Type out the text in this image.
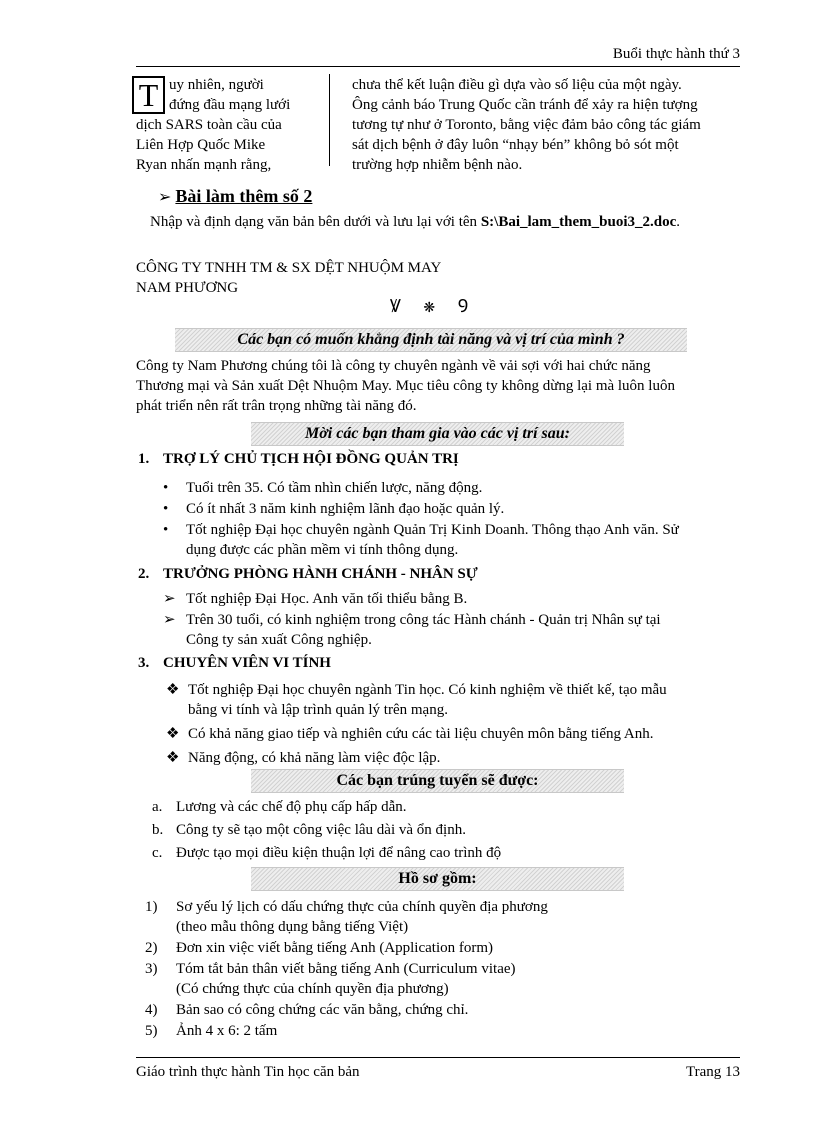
Buổi thực hành thứ 3
T uy nhiên, người
đứng đầu mạng lưới
dịch SARS toàn cầu của
Liên Hợp Quốc Mike
Ryan nhấn mạnh rằng,
chưa thể kết luận điều gì dựa vào số liệu của một ngày.
Ông cảnh báo Trung Quốc cần tránh để xảy ra hiện tượng
tương tự như ở Toronto, bằng việc đảm bảo công tác giám
sát dịch bệnh ở đây luôn “nhạy bén” không bỏ sót một
trường hợp nhiễm bệnh nào.
➢ Bài làm thêm số 2
Nhập và định dạng văn bản bên dưới và lưu lại với tên S:\Bai_lam_them_buoi3_2.doc.
CÔNG TY TNHH TM & SX DỆT NHUỘM MAY
NAM PHƯƠNG
Ꝟ ❋ Ꝯ
Các bạn có muốn khẳng định tài năng và vị trí của mình ?
Công ty Nam Phương chúng tôi là công ty chuyên ngành về vải sợi với hai chức năng
Thương mại và Sản xuất Dệt Nhuộm May. Mục tiêu công ty không dừng lại mà luôn luôn
phát triển nên rất trân trọng những tài năng đó.
Mời các bạn tham gia vào các vị trí sau:
1. TRỢ LÝ CHỦ TỊCH HỘI ĐỒNG QUẢN TRỊ
• Tuổi trên 35. Có tầm nhìn chiến lược, năng động.
• Có ít nhất 3 năm kinh nghiệm lãnh đạo hoặc quản lý.
• Tốt nghiệp Đại học chuyên ngành Quản Trị Kinh Doanh. Thông thạo Anh văn. Sử
dụng được các phần mềm vi tính thông dụng.
2. TRƯỞNG PHÒNG HÀNH CHÁNH - NHÂN SỰ
➢ Tốt nghiệp Đại Học. Anh văn tối thiểu bằng B.
➢ Trên 30 tuổi, có kinh nghiệm trong công tác Hành chánh - Quản trị Nhân sự tại
Công ty sản xuất Công nghiệp.
3. CHUYÊN VIÊN VI TÍNH
❖ Tốt nghiệp Đại học chuyên ngành Tin học. Có kinh nghiệm về thiết kế, tạo mẫu
bằng vi tính và lập trình quản lý trên mạng.
❖ Có khả năng giao tiếp và nghiên cứu các tài liệu chuyên môn bằng tiếng Anh.
❖ Năng động, có khả năng làm việc độc lập.
Các bạn trúng tuyển sẽ được:
a. Lương và các chế độ phụ cấp hấp dẫn.
b. Công ty sẽ tạo một công việc lâu dài và ổn định.
c. Được tạo mọi điều kiện thuận lợi để nâng cao trình độ
Hồ sơ gồm:
1) Sơ yếu lý lịch có dấu chứng thực của chính quyền địa phương
(theo mẫu thông dụng bằng tiếng Việt)
2) Đơn xin việc viết bằng tiếng Anh (Application form)
3) Tóm tắt bản thân viết bằng tiếng Anh (Curriculum vitae)
(Có chứng thực của chính quyền địa phương)
4) Bản sao có công chứng các văn bằng, chứng chỉ.
5) Ảnh 4 x 6: 2 tấm
Giáo trình thực hành Tin học căn bản	Trang 13
